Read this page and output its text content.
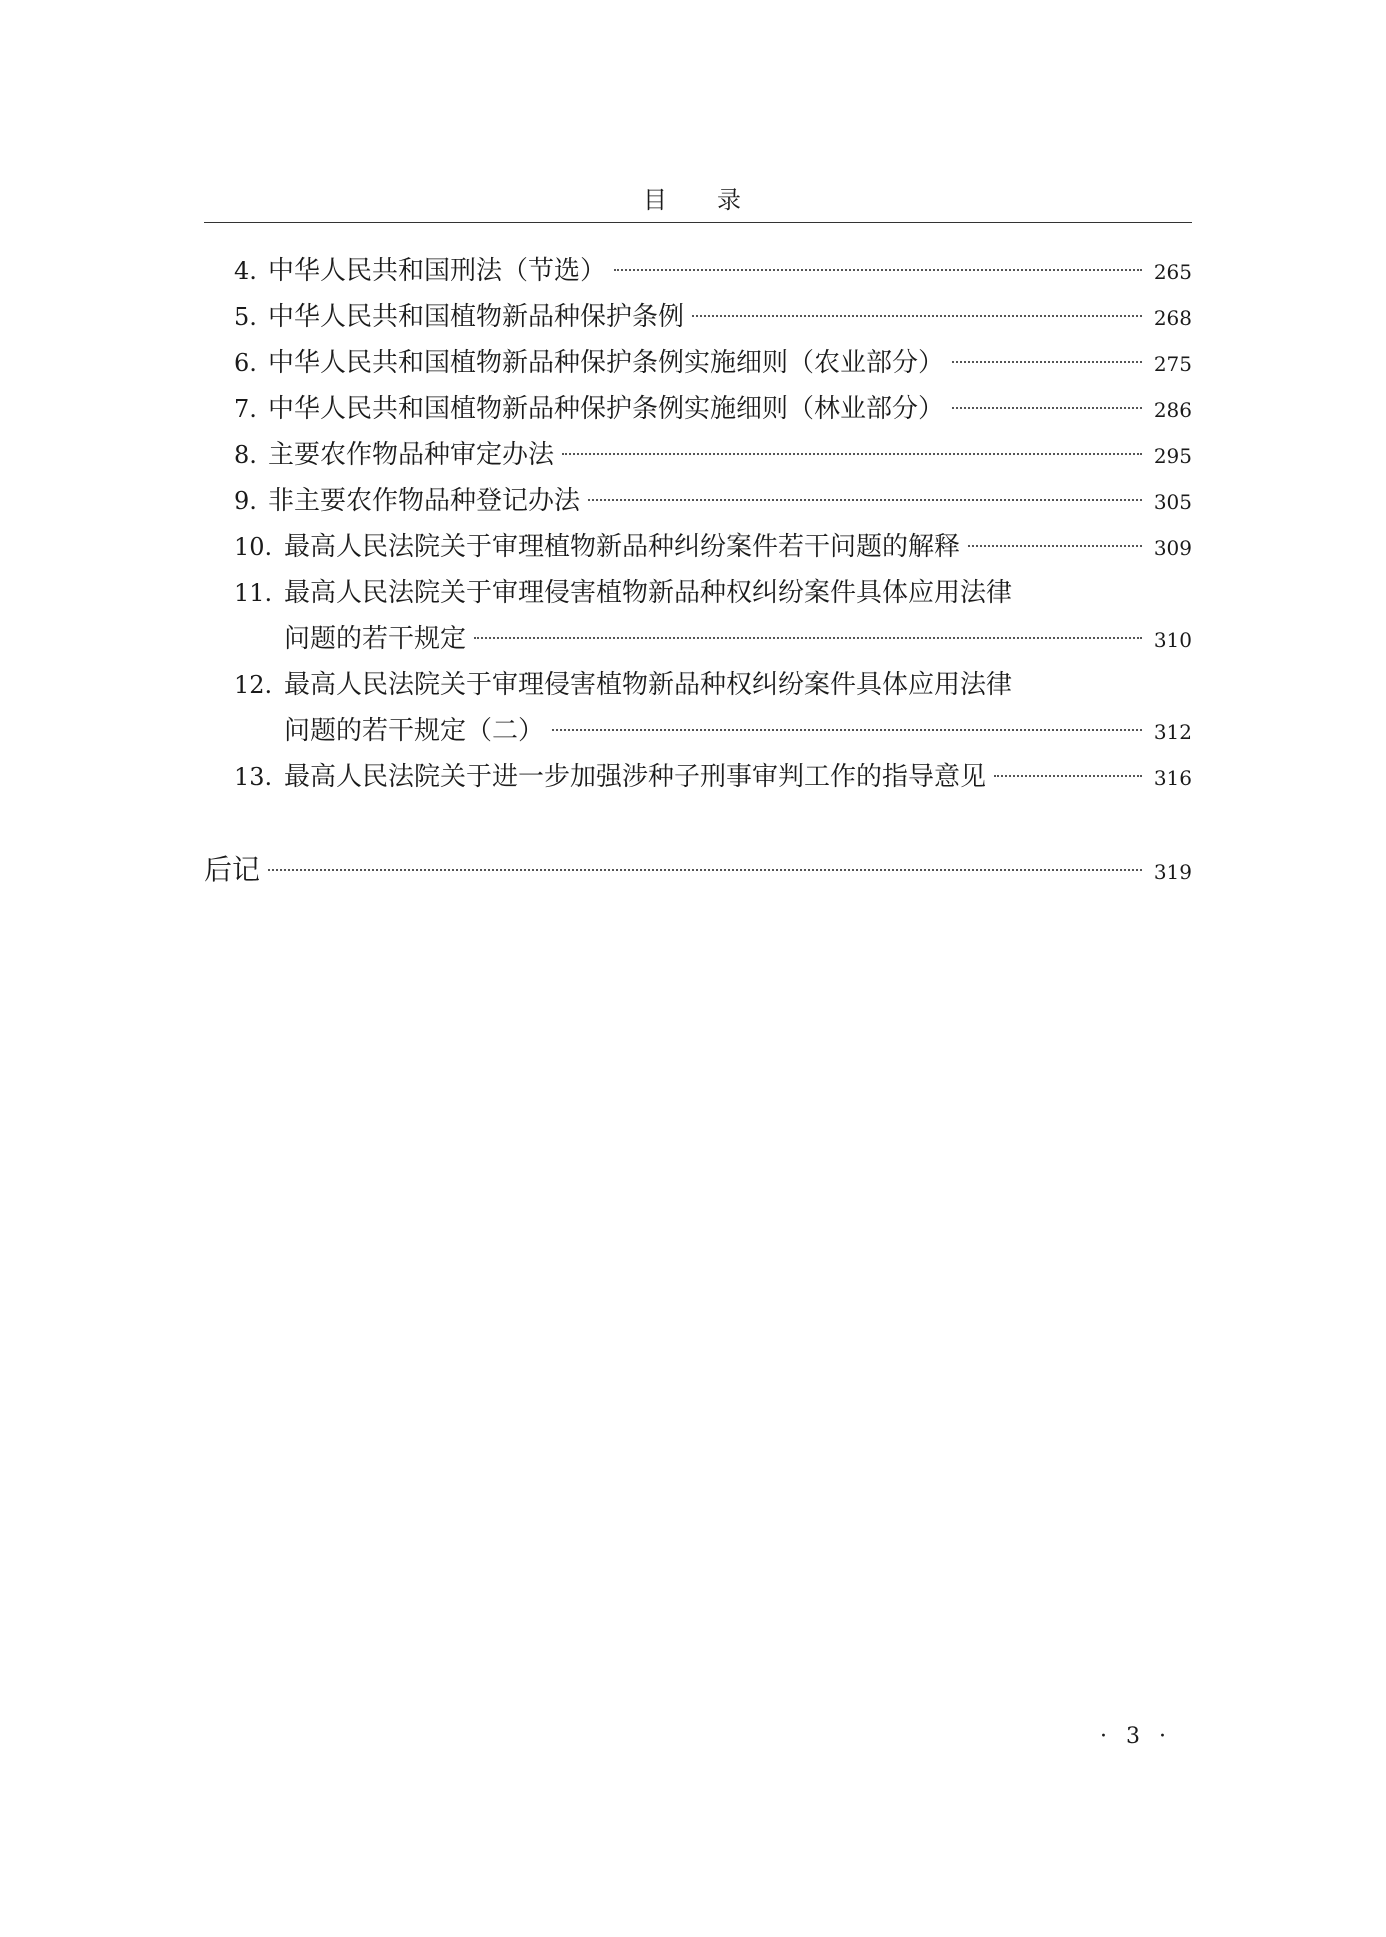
目 录
4. 中华人民共和国刑法（节选）	265
5. 中华人民共和国植物新品种保护条例	268
6. 中华人民共和国植物新品种保护条例实施细则（农业部分）	275
7. 中华人民共和国植物新品种保护条例实施细则（林业部分）	286
8. 主要农作物品种审定办法	295
9. 非主要农作物品种登记办法	305
10. 最高人民法院关于审理植物新品种纠纷案件若干问题的解释	309
11. 最高人民法院关于审理侵害植物新品种权纠纷案件具体应用法律
问题的若干规定	310
12. 最高人民法院关于审理侵害植物新品种权纠纷案件具体应用法律
问题的若干规定（二）	312
13. 最高人民法院关于进一步加强涉种子刑事审判工作的指导意见	316
后记	319
· 3 ·
